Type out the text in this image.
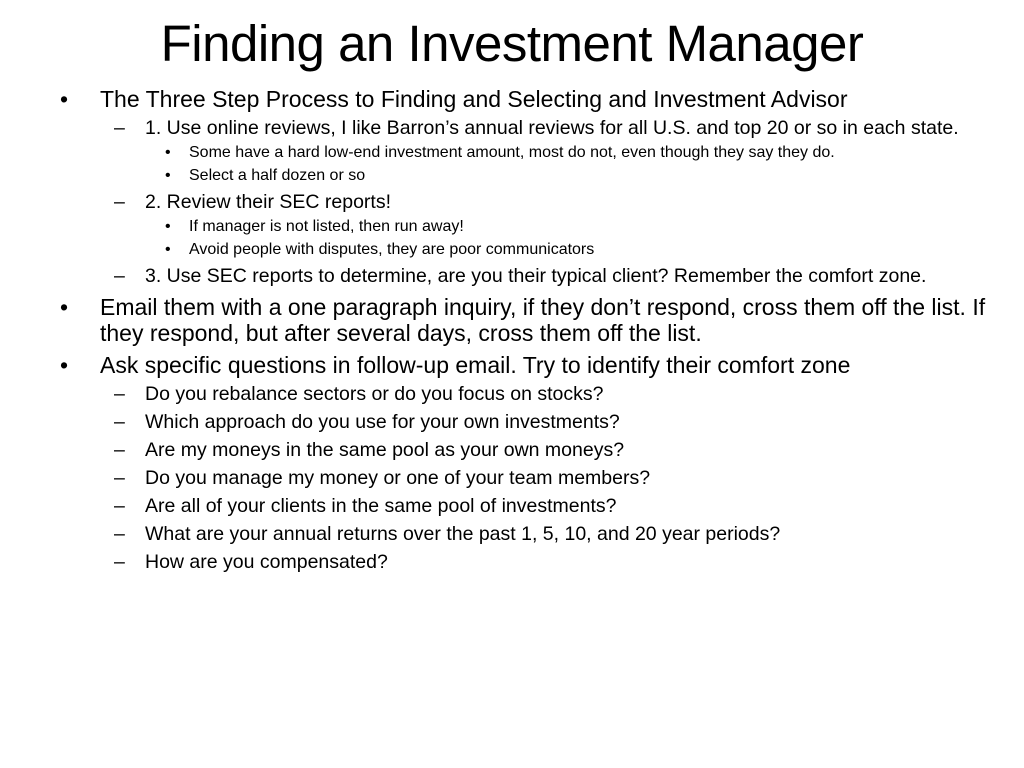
Finding an Investment Manager
•	The Three Step Process to Finding and Selecting and Investment Advisor
–	1. Use online reviews, I like Barron’s annual reviews for all U.S. and top 20 or so in each state.
•	Some have a hard low-end investment amount, most do not, even though they say they do.
•	Select a half dozen or so
–	2. Review their SEC reports!
•	If manager is not listed, then run away!
•	Avoid people with disputes, they are poor communicators
–	3. Use SEC reports to determine, are you their typical client? Remember the comfort zone.
•	Email them with a one paragraph inquiry, if they don’t respond, cross them off the list. If they respond, but after several days, cross them off the list.
•	Ask specific questions in follow-up email. Try to identify their comfort zone
–	Do you rebalance sectors or do you focus on stocks?
–	Which approach do you use for your own investments?
–	Are my moneys in the same pool as your own moneys?
–	Do you manage my money or one of your team members?
–	Are all of your clients in the same pool of investments?
–	What are your annual returns over the past 1, 5, 10, and 20 year periods?
–	How are you compensated?
